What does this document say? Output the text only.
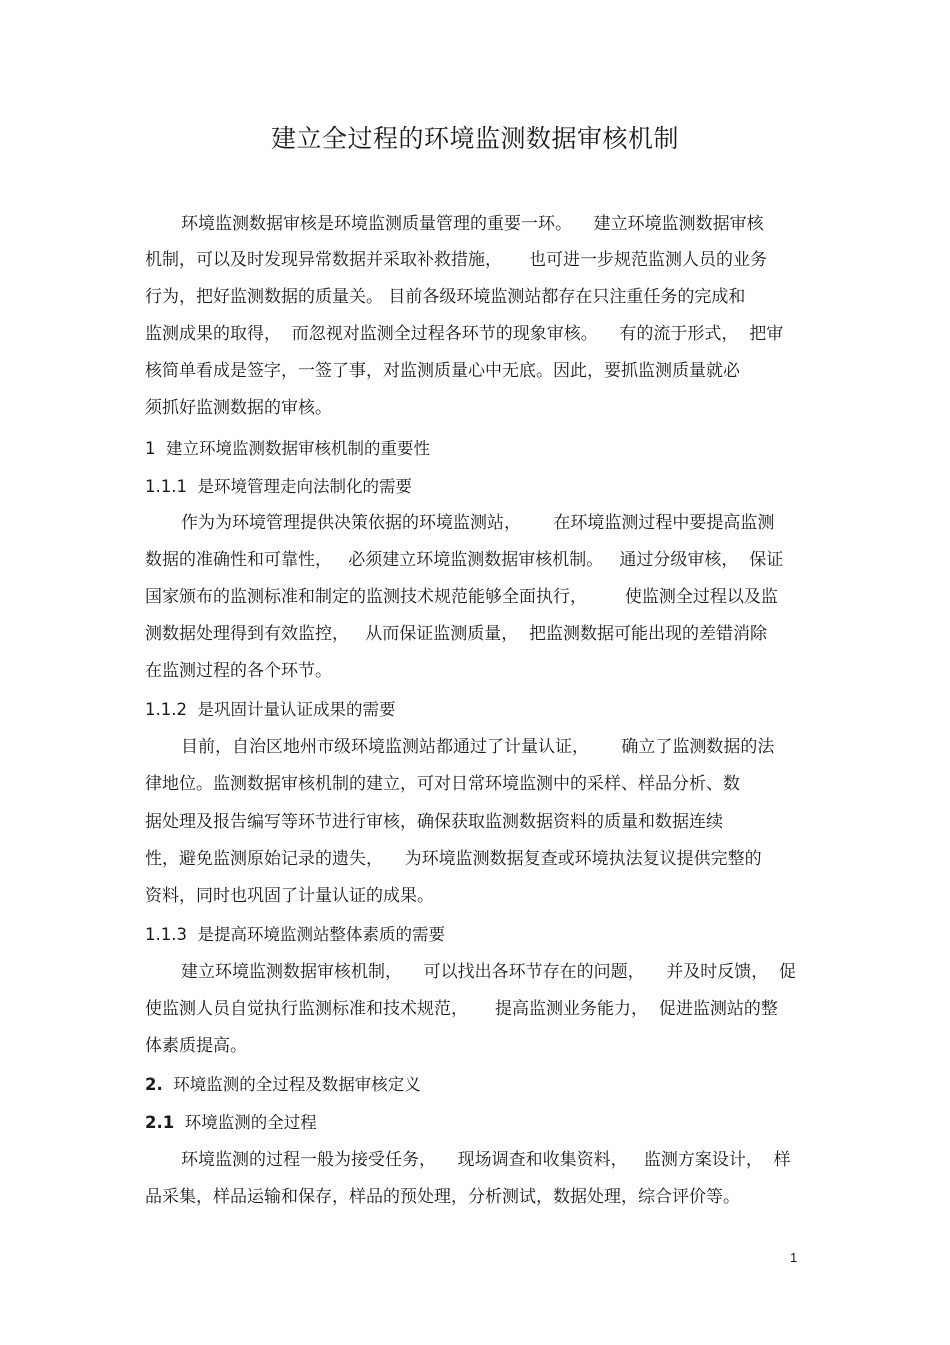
建立全过程的环境监测数据审核机制
环境监测数据审核是环境监测质量管理的重要一环。    建立环境监测数据审核
机制，可以及时发现异常数据并采取补救措施，     也可进一步规范监测人员的业务
行为，把好监测数据的质量关。 目前各级环境监测站都存在只注重任务的完成和
监测成果的取得，  而忽视对监测全过程各环节的现象审核。    有的流于形式，  把审
核简单看成是签字，一签了事，对监测质量心中无底。因此，要抓监测质量就必
须抓好监测数据的审核。
1  建立环境监测数据审核机制的重要性
1.1.1  是环境管理走向法制化的需要
作为为环境管理提供决策依据的环境监测站，      在环境监测过程中要提高监测
数据的准确性和可靠性，   必须建立环境监测数据审核机制。   通过分级审核，  保证
国家颁布的监测标准和制定的监测技术规范能够全面执行，       使监测全过程以及监
测数据处理得到有效监控，   从而保证监测质量，  把监测数据可能出现的差错消除
在监测过程的各个环节。
1.1.2  是巩固计量认证成果的需要
目前，自治区地州市级环境监测站都通过了计量认证，      确立了监测数据的法
律地位。监测数据审核机制的建立，可对日常环境监测中的采样、样品分析、数
据处理及报告编写等环节进行审核，确保获取监测数据资料的质量和数据连续
性，避免监测原始记录的遗失，    为环境监测数据复查或环境执法复议提供完整的
资料，同时也巩固了计量认证的成果。
1.1.3  是提高环境监测站整体素质的需要
建立环境监测数据审核机制，    可以找出各环节存在的问题，    并及时反馈，  促
使监测人员自觉执行监测标准和技术规范，     提高监测业务能力，  促进监测站的整
体素质提高。
2.  环境监测的全过程及数据审核定义
2.1  环境监测的全过程
环境监测的过程一般为接受任务，    现场调查和收集资料，   监测方案设计，  样
品采集，样品运输和保存，样品的预处理，分析测试，数据处理，综合评价等。
1
